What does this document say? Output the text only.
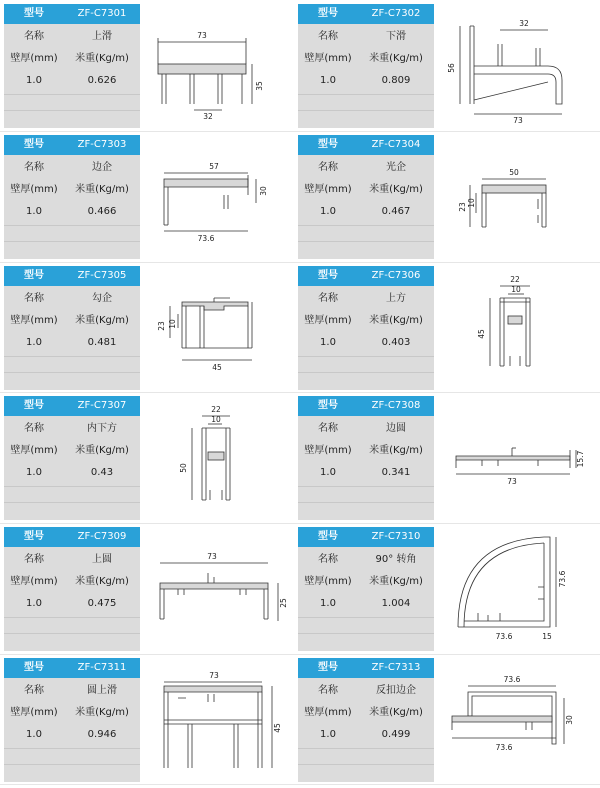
型号	ZF-C7301
名称	上滑
壁厚(mm)	米重(Kg/m)
1.0	0.626
73
32
35
型号	ZF-C7302
名称	下滑
壁厚(mm)	米重(Kg/m)
1.0	0.809
32
56
73
型号	ZF-C7303
名称	边企
壁厚(mm)	米重(Kg/m)
1.0	0.466
57
30
73.6
型号	ZF-C7304
名称	光企
壁厚(mm)	米重(Kg/m)
1.0	0.467
50
23 10
型号	ZF-C7305
名称	勾企
壁厚(mm)	米重(Kg/m)
1.0	0.481
23 10
45
型号	ZF-C7306
名称	上方
壁厚(mm)	米重(Kg/m)
1.0	0.403
22
10
45
型号	ZF-C7307
名称	内下方
壁厚(mm)	米重(Kg/m)
1.0	0.43
22
10
50
型号	ZF-C7308
名称	边圆
壁厚(mm)	米重(Kg/m)
1.0	0.341
15.7
73
型号	ZF-C7309
名称	上圆
壁厚(mm)	米重(Kg/m)
1.0	0.475
73
25
型号	ZF-C7310
名称	90° 转角
壁厚(mm)	米重(Kg/m)
1.0	1.004
73.6
73.6	15
型号	ZF-C7311
名称	圆上滑
壁厚(mm)	米重(Kg/m)
1.0	0.946
73
45
型号	ZF-C7313
名称	反扣边企
壁厚(mm)	米重(Kg/m)
1.0	0.499
73.6
30
73.6
